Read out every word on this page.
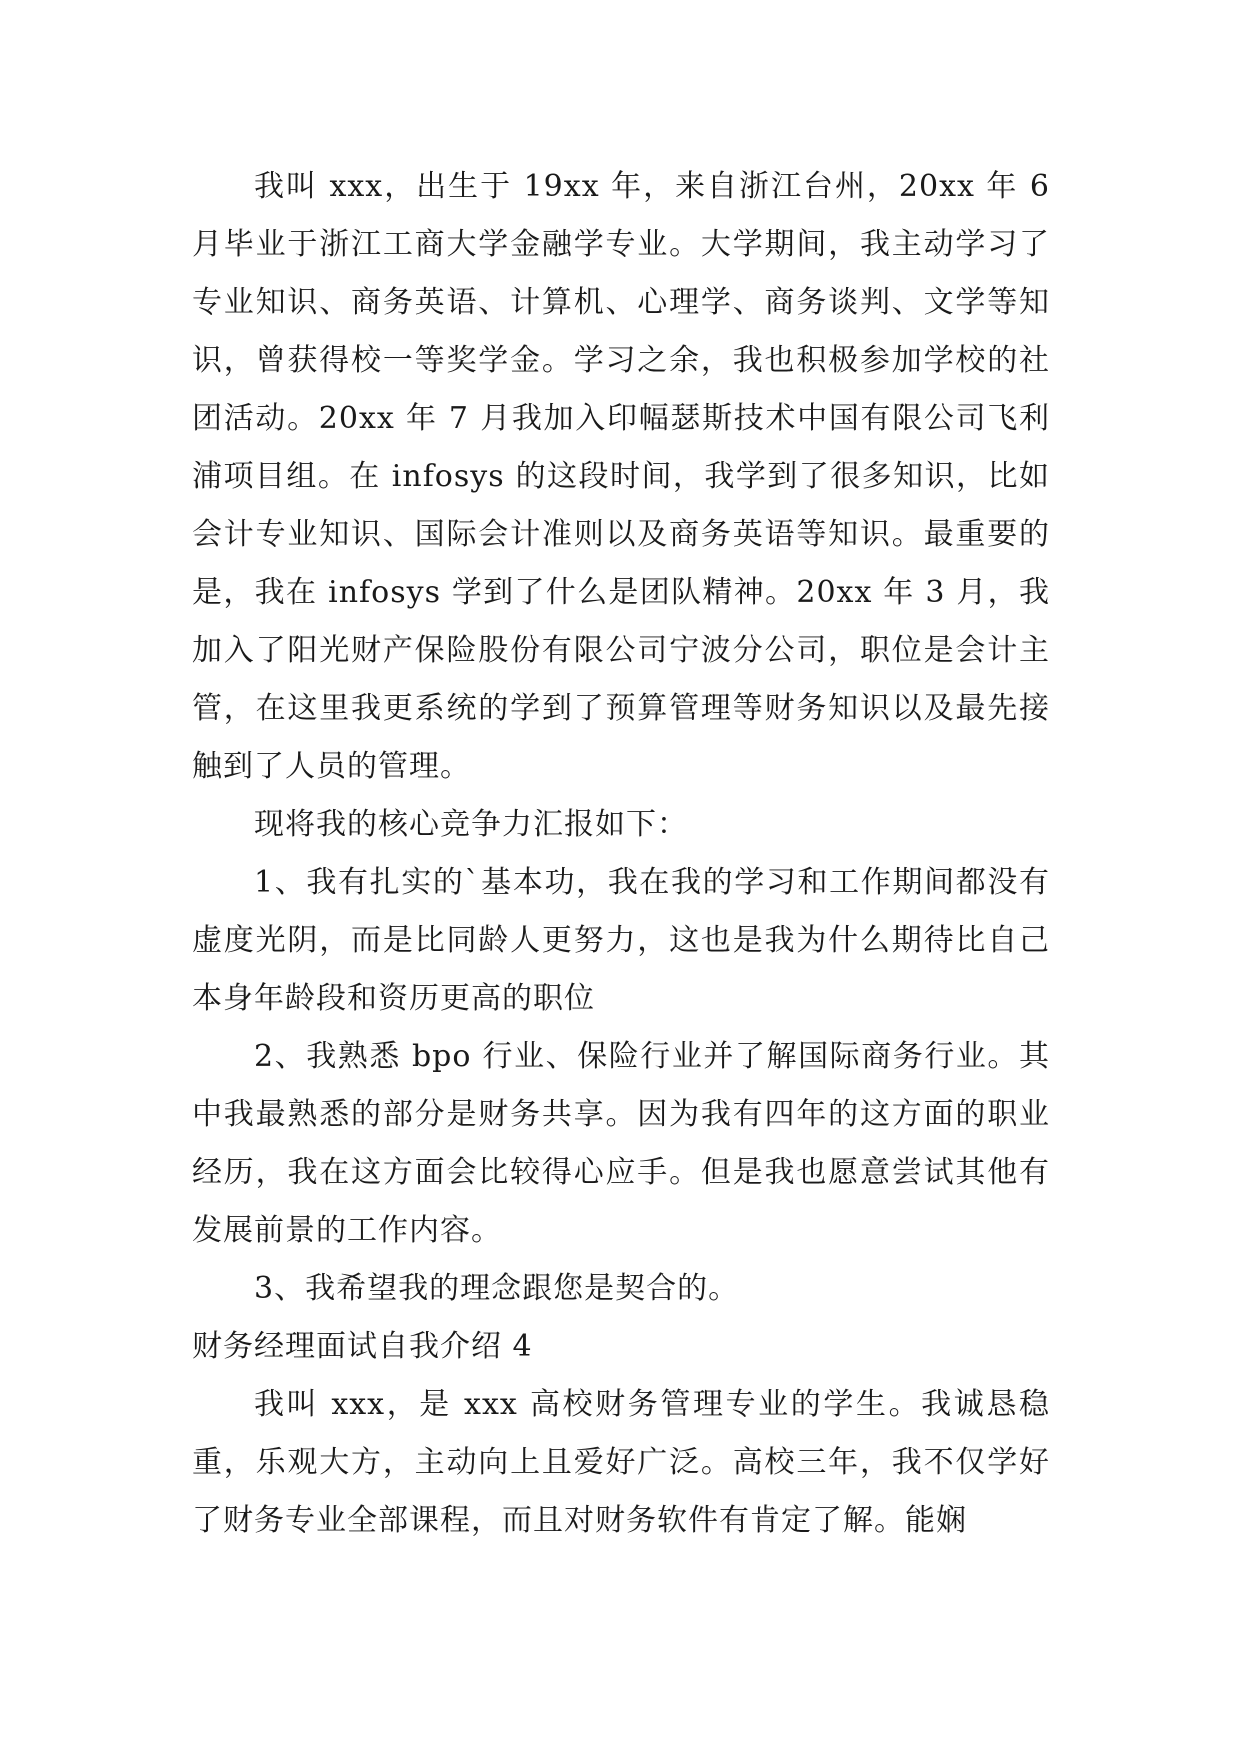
我叫 xxx，出生于 19xx 年，来自浙江台州，20xx 年 6 月毕业于浙江工商大学金融学专业。大学期间，我主动学习了专业知识、商务英语、计算机、心理学、商务谈判、文学等知识，曾获得校一等奖学金。学习之余，我也积极参加学校的社团活动。20xx 年 7 月我加入印幅瑟斯技术中国有限公司飞利浦项目组。在 infosys 的这段时间，我学到了很多知识，比如会计专业知识、国际会计准则以及商务英语等知识。最重要的是，我在 infosys 学到了什么是团队精神。20xx 年 3 月，我加入了阳光财产保险股份有限公司宁波分公司，职位是会计主管，在这里我更系统的学到了预算管理等财务知识以及最先接触到了人员的管理。

现将我的核心竞争力汇报如下：

1、我有扎实的`基本功，我在我的学习和工作期间都没有虚度光阴，而是比同龄人更努力，这也是我为什么期待比自己本身年龄段和资历更高的职位

2、我熟悉 bpo 行业、保险行业并了解国际商务行业。其中我最熟悉的部分是财务共享。因为我有四年的这方面的职业经历，我在这方面会比较得心应手。但是我也愿意尝试其他有发展前景的工作内容。

3、我希望我的理念跟您是契合的。

财务经理面试自我介绍 4

我叫 xxx，是 xxx 高校财务管理专业的学生。我诚恳稳重，乐观大方，主动向上且爱好广泛。高校三年，我不仅学好了财务专业全部课程，而且对财务软件有肯定了解。能娴
